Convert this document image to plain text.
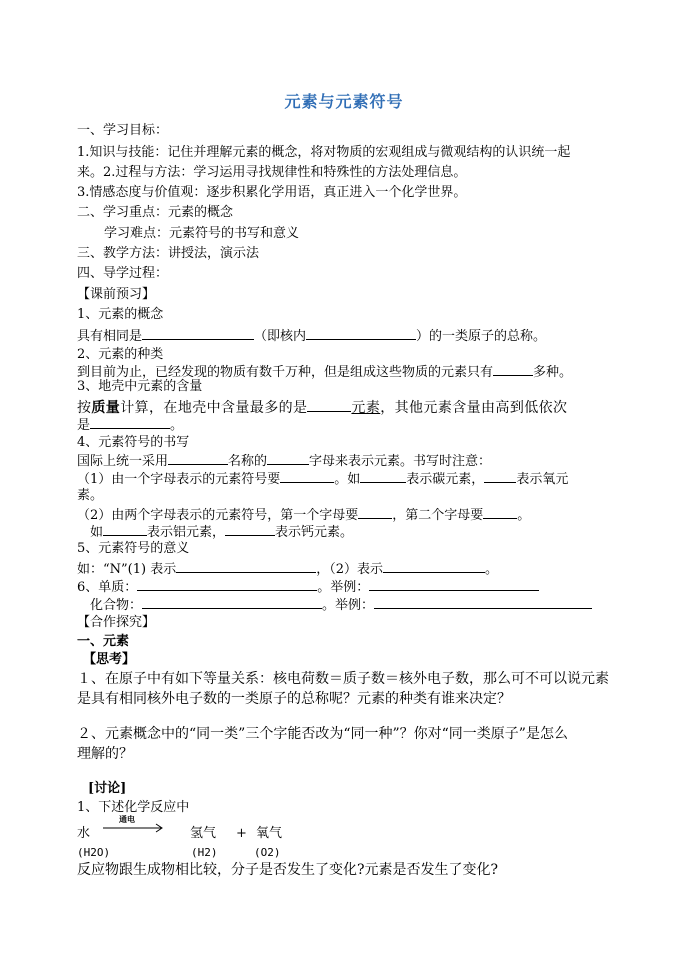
元素与元素符号
一、学习目标：
1.知识与技能：记住并理解元素的概念，将对物质的宏观组成与微观结构的认识统一起
来。2.过程与方法：学习运用寻找规律性和特殊性的方法处理信息。
3.情感态度与价值观：逐步积累化学用语，真正进入一个化学世界。
二、学习重点：元素的概念
学习难点：元素符号的书写和意义
三、教学方法：讲授法，演示法
四、导学过程：
【课前预习】
1、元素的概念
具有相同是	（即核内	）的一类原子的总称。
2、元素的种类
到目前为止，已经发现的物质有数千万种，但是组成这些物质的元素只有	多种。
3、地壳中元素的含量
按质量计算，在地壳中含量最多的是	元素，其他元素含量由高到低依次
是	。
4、元素符号的书写
国际上统一采用	名称的	字母来表示元素。书写时注意：
（1）由一个字母表示的元素符号要	。如	表示碳元素， 表示氧元
素。
（2）由两个字母表示的元素符号，第一个字母要	，第二个字母要	。
如	表示铝元素，	表示钙元素。
5、元素符号的意义
如：“N”(1) 表示	，（2）表示	。
6、单质：	。举例：
化合物：	。举例：
【合作探究】
一、元素
【思考】
１、在原子中有如下等量关系：核电荷数＝质子数＝核外电子数，那么可不可以说元素
是具有相同核外电子数的一类原子的总称呢？元素的种类有谁来决定？
２、元素概念中的“同一类”三个字能否改为“同一种”？你对“同一类原子”是怎么
理解的？
[讨论]
1、下述化学反应中
水
通电
氢气 + 氧气
(H2O)	(H2)	(O2)
反应物跟生成物相比较，分子是否发生了变化?元素是否发生了变化?
